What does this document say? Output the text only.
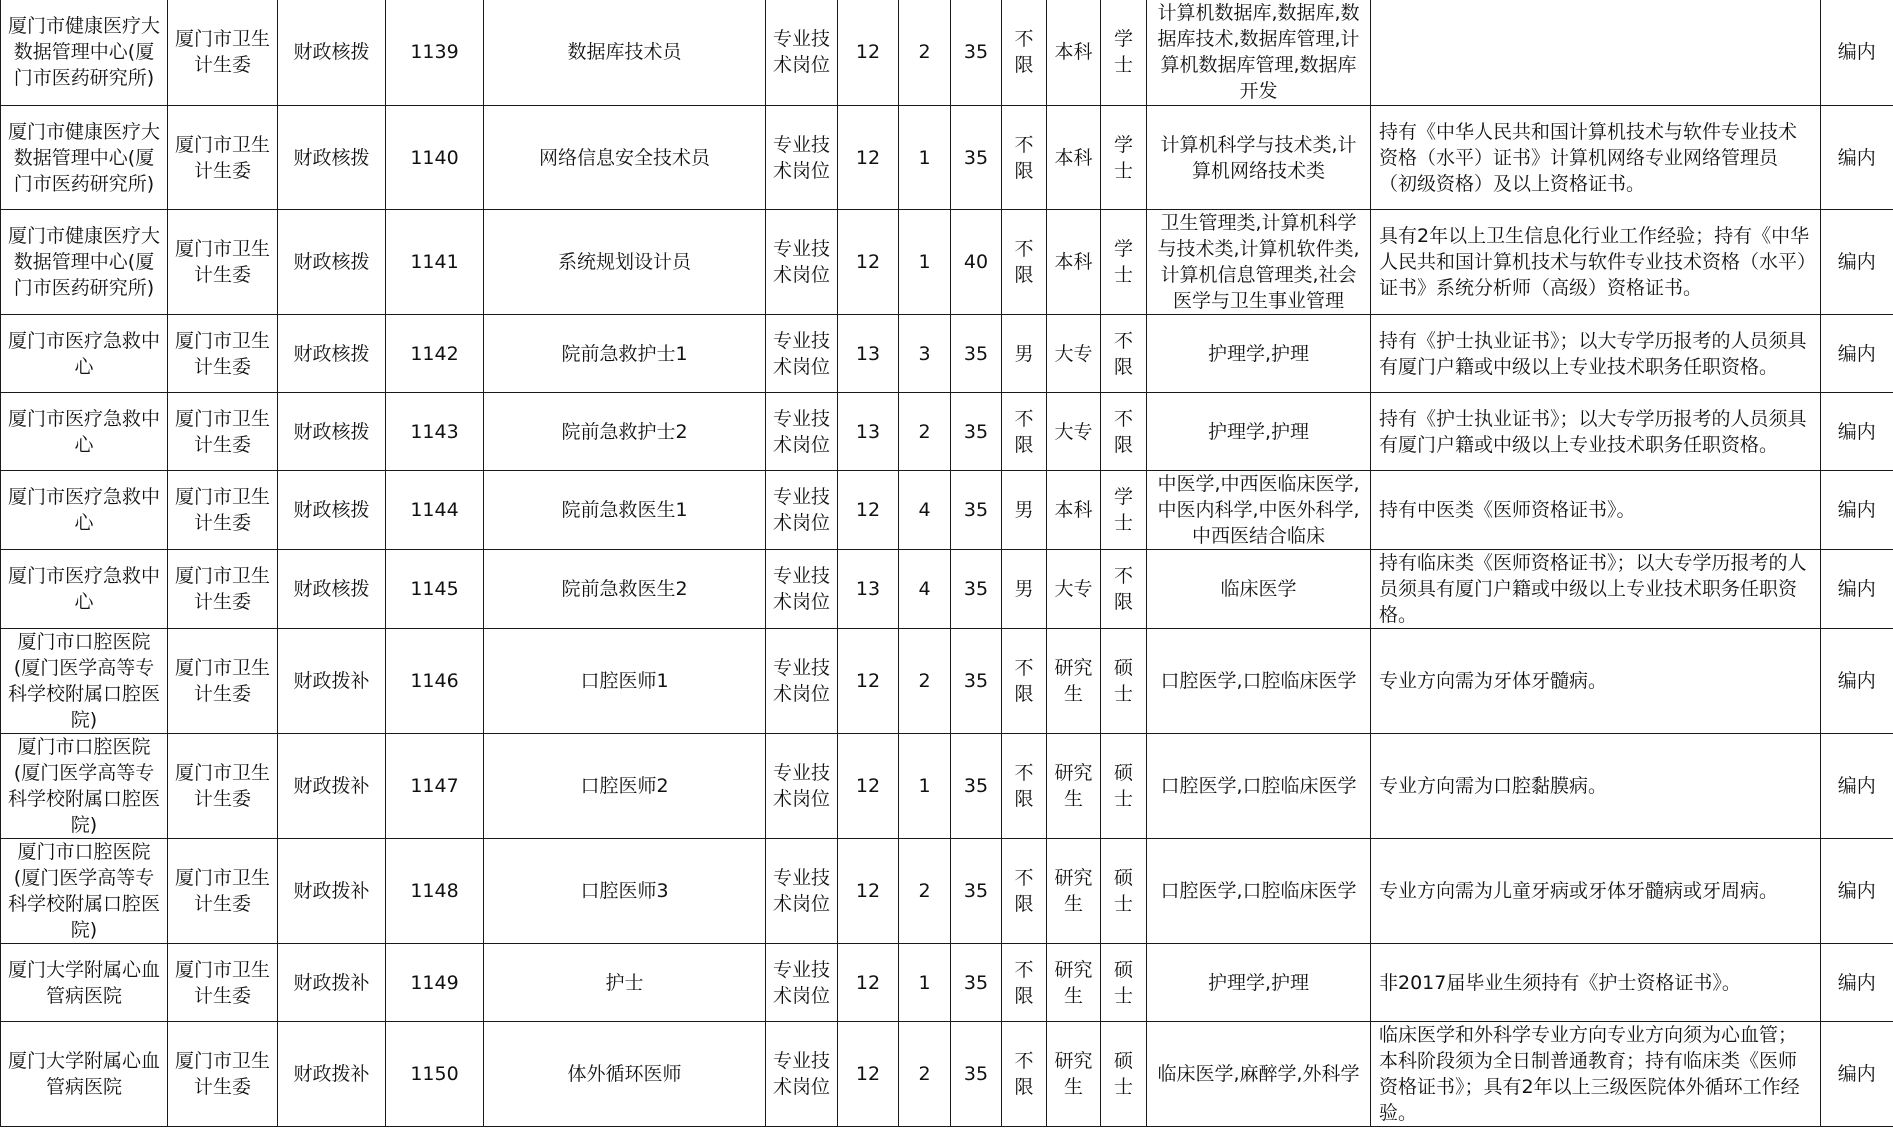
厦门市健康医疗大数据管理中心(厦门市医药研究所)	厦门市卫生计生委	财政核拨	1139	数据库技术员	专业技术岗位	12	2	35	不限	本科	学士	计算机数据库,数据库,数据库技术,数据库管理,计算机数据库管理,数据库开发		编内
厦门市健康医疗大数据管理中心(厦门市医药研究所)	厦门市卫生计生委	财政核拨	1140	网络信息安全技术员	专业技术岗位	12	1	35	不限	本科	学士	计算机科学与技术类,计算机网络技术类	持有《中华人民共和国计算机技术与软件专业技术资格（水平）证书》计算机网络专业网络管理员（初级资格）及以上资格证书。	编内
厦门市健康医疗大数据管理中心(厦门市医药研究所)	厦门市卫生计生委	财政核拨	1141	系统规划设计员	专业技术岗位	12	1	40	不限	本科	学士	卫生管理类,计算机科学与技术类,计算机软件类,计算机信息管理类,社会医学与卫生事业管理	具有2年以上卫生信息化行业工作经验；持有《中华人民共和国计算机技术与软件专业技术资格（水平）证书》系统分析师（高级）资格证书。	编内
厦门市医疗急救中心	厦门市卫生计生委	财政核拨	1142	院前急救护士1	专业技术岗位	13	3	35	男	大专	不限	护理学,护理	持有《护士执业证书》；以大专学历报考的人员须具有厦门户籍或中级以上专业技术职务任职资格。	编内
厦门市医疗急救中心	厦门市卫生计生委	财政核拨	1143	院前急救护士2	专业技术岗位	13	2	35	不限	大专	不限	护理学,护理	持有《护士执业证书》；以大专学历报考的人员须具有厦门户籍或中级以上专业技术职务任职资格。	编内
厦门市医疗急救中心	厦门市卫生计生委	财政核拨	1144	院前急救医生1	专业技术岗位	12	4	35	男	本科	学士	中医学,中西医临床医学,中医内科学,中医外科学,中西医结合临床	持有中医类《医师资格证书》。	编内
厦门市医疗急救中心	厦门市卫生计生委	财政核拨	1145	院前急救医生2	专业技术岗位	13	4	35	男	大专	不限	临床医学	持有临床类《医师资格证书》；以大专学历报考的人员须具有厦门户籍或中级以上专业技术职务任职资格。	编内
厦门市口腔医院(厦门医学高等专科学校附属口腔医院)	厦门市卫生计生委	财政拨补	1146	口腔医师1	专业技术岗位	12	2	35	不限	研究生	硕士	口腔医学,口腔临床医学	专业方向需为牙体牙髓病。	编内
厦门市口腔医院(厦门医学高等专科学校附属口腔医院)	厦门市卫生计生委	财政拨补	1147	口腔医师2	专业技术岗位	12	1	35	不限	研究生	硕士	口腔医学,口腔临床医学	专业方向需为口腔黏膜病。	编内
厦门市口腔医院(厦门医学高等专科学校附属口腔医院)	厦门市卫生计生委	财政拨补	1148	口腔医师3	专业技术岗位	12	2	35	不限	研究生	硕士	口腔医学,口腔临床医学	专业方向需为儿童牙病或牙体牙髓病或牙周病。	编内
厦门大学附属心血管病医院	厦门市卫生计生委	财政拨补	1149	护士	专业技术岗位	12	1	35	不限	研究生	硕士	护理学,护理	非2017届毕业生须持有《护士资格证书》。	编内
厦门大学附属心血管病医院	厦门市卫生计生委	财政拨补	1150	体外循环医师	专业技术岗位	12	2	35	不限	研究生	硕士	临床医学,麻醉学,外科学	临床医学和外科学专业方向专业方向须为心血管；本科阶段须为全日制普通教育；持有临床类《医师资格证书》；具有2年以上三级医院体外循环工作经验。	编内
